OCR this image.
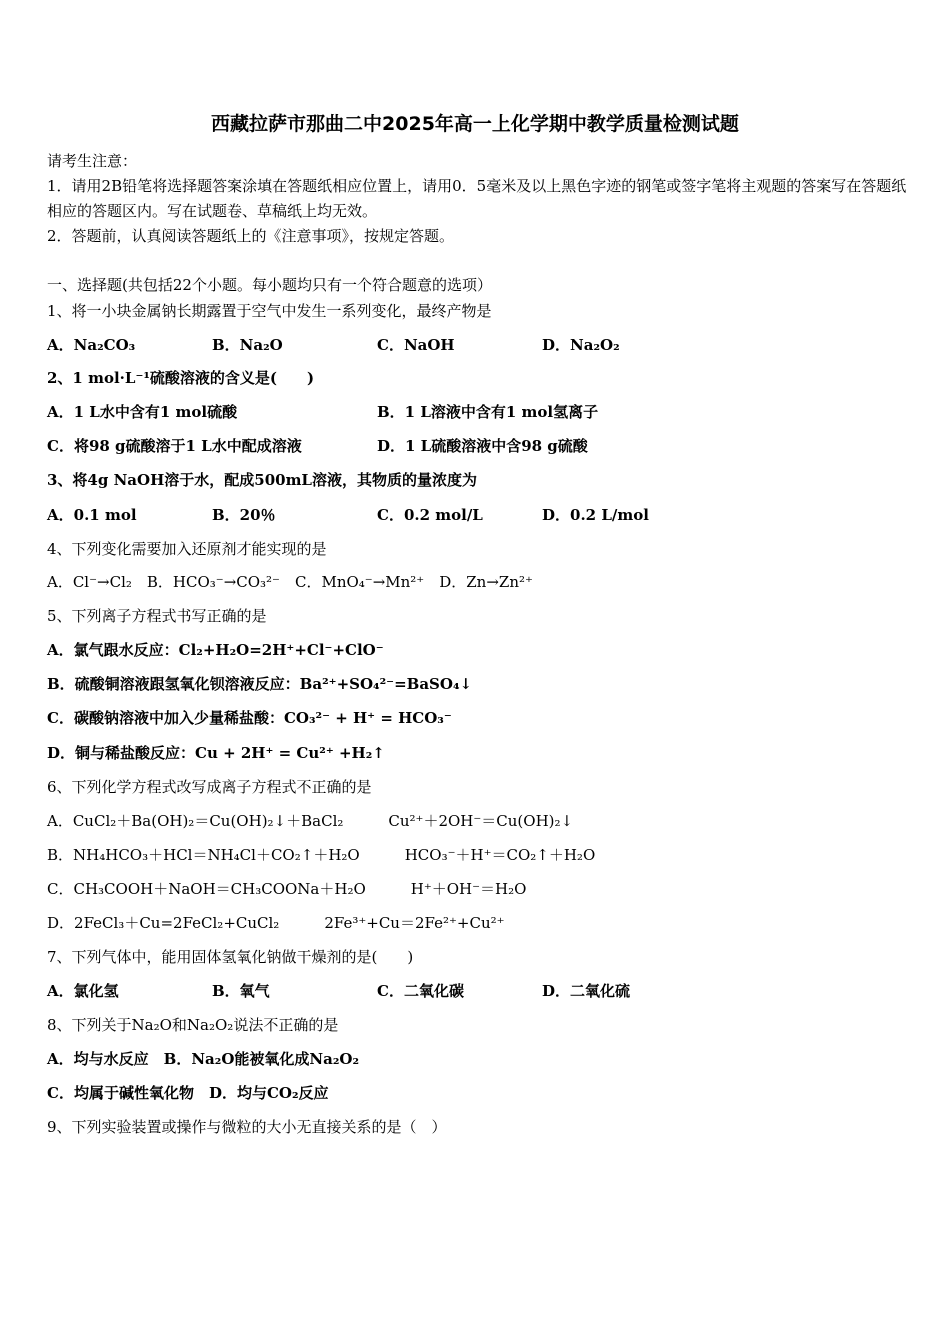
西藏拉萨市那曲二中2025年高一上化学期中教学质量检测试题
请考生注意：
1．请用2B铅笔将选择题答案涂填在答题纸相应位置上，请用0．5毫米及以上黑色字迹的钢笔或签字笔将主观题的答案写在答题纸相应的答题区内。写在试题卷、草稿纸上均无效。
2．答题前，认真阅读答题纸上的《注意事项》，按规定答题。
一、选择题(共包括22个小题。每小题均只有一个符合题意的选项）
1、将一小块金属钠长期露置于空气中发生一系列变化，最终产物是
A．Na₂CO₃	B．Na₂O	C．NaOH	D．Na₂O₂
2、1 mol·L⁻¹硫酸溶液的含义是(　　)
A．1 L水中含有1 mol硫酸	B．1 L溶液中含有1 mol氢离子
C．将98 g硫酸溶于1 L水中配成溶液	D．1 L硫酸溶液中含98 g硫酸
3、将4g NaOH溶于水，配成500mL溶液，其物质的量浓度为
A．0.1 mol	B．20％	C．0.2 mol/L	D．0.2 L/mol
4、下列变化需要加入还原剂才能实现的是
A．Cl⁻→Cl₂　B．HCO₃⁻→CO₃²⁻　C．MnO₄⁻→Mn²⁺　D．Zn→Zn²⁺
5、下列离子方程式书写正确的是
A．氯气跟水反应：Cl₂+H₂O=2H⁺+Cl⁻+ClO⁻
B．硫酸铜溶液跟氢氧化钡溶液反应：Ba²⁺+SO₄²⁻=BaSO₄↓
C．碳酸钠溶液中加入少量稀盐酸：CO₃²⁻ + H⁺ = HCO₃⁻
D．铜与稀盐酸反应：Cu + 2H⁺ = Cu²⁺ +H₂↑
6、下列化学方程式改写成离子方程式不正确的是
A．CuCl₂＋Ba(OH)₂＝Cu(OH)₂↓＋BaCl₂　　　Cu²⁺＋2OH⁻＝Cu(OH)₂↓
B．NH₄HCO₃＋HCl＝NH₄Cl＋CO₂↑＋H₂O　　　HCO₃⁻＋H⁺＝CO₂↑＋H₂O
C．CH₃COOH＋NaOH＝CH₃COONa＋H₂O　　　H⁺＋OH⁻＝H₂O
D．2FeCl₃＋Cu=2FeCl₂+CuCl₂　　　2Fe³⁺+Cu＝2Fe²⁺+Cu²⁺
7、下列气体中，能用固体氢氧化钠做干燥剂的是(　　)
A．氯化氢	B．氧气	C．二氧化碳	D．二氧化硫
8、下列关于Na₂O和Na₂O₂说法不正确的是
A．均与水反应　B．Na₂O能被氧化成Na₂O₂
C．均属于碱性氧化物　D．均与CO₂反应
9、下列实验装置或操作与微粒的大小无直接关系的是（　）
